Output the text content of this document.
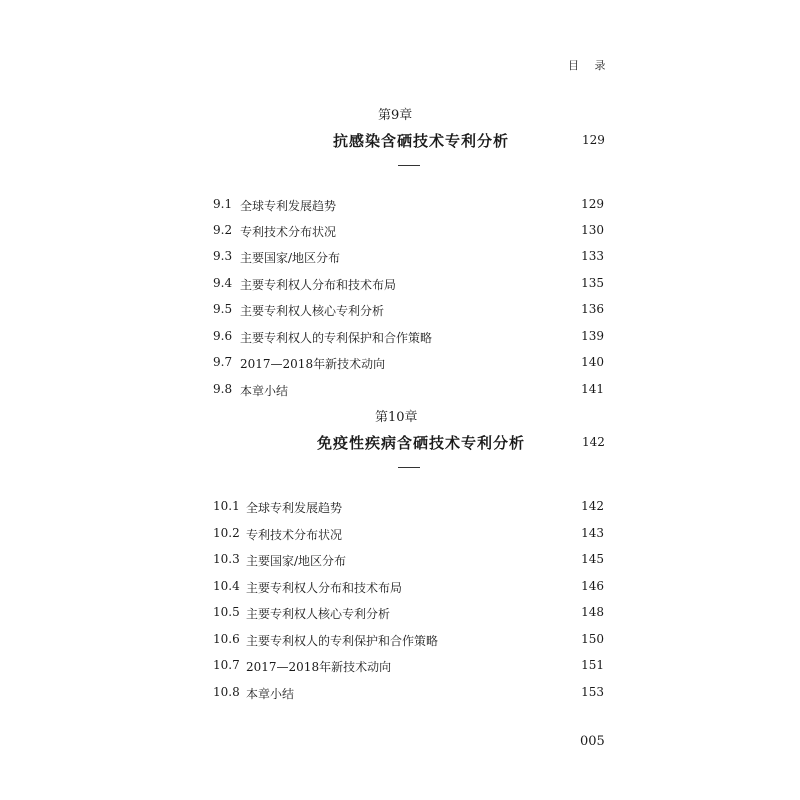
目 录
第9章
抗感染含硒技术专利分析	129
9.1 全球专利发展趋势	129
9.2 专利技术分布状况	130
9.3 主要国家/地区分布	133
9.4 主要专利权人分布和技术布局	135
9.5 主要专利权人核心专利分析	136
9.6 主要专利权人的专利保护和合作策略	139
9.7 2017—2018年新技术动向	140
9.8 本章小结	141
第10章
免疫性疾病含硒技术专利分析	142
10.1 全球专利发展趋势	142
10.2 专利技术分布状况	143
10.3 主要国家/地区分布	145
10.4 主要专利权人分布和技术布局	146
10.5 主要专利权人核心专利分析	148
10.6 主要专利权人的专利保护和合作策略	150
10.7 2017—2018年新技术动向	151
10.8 本章小结	153
005
